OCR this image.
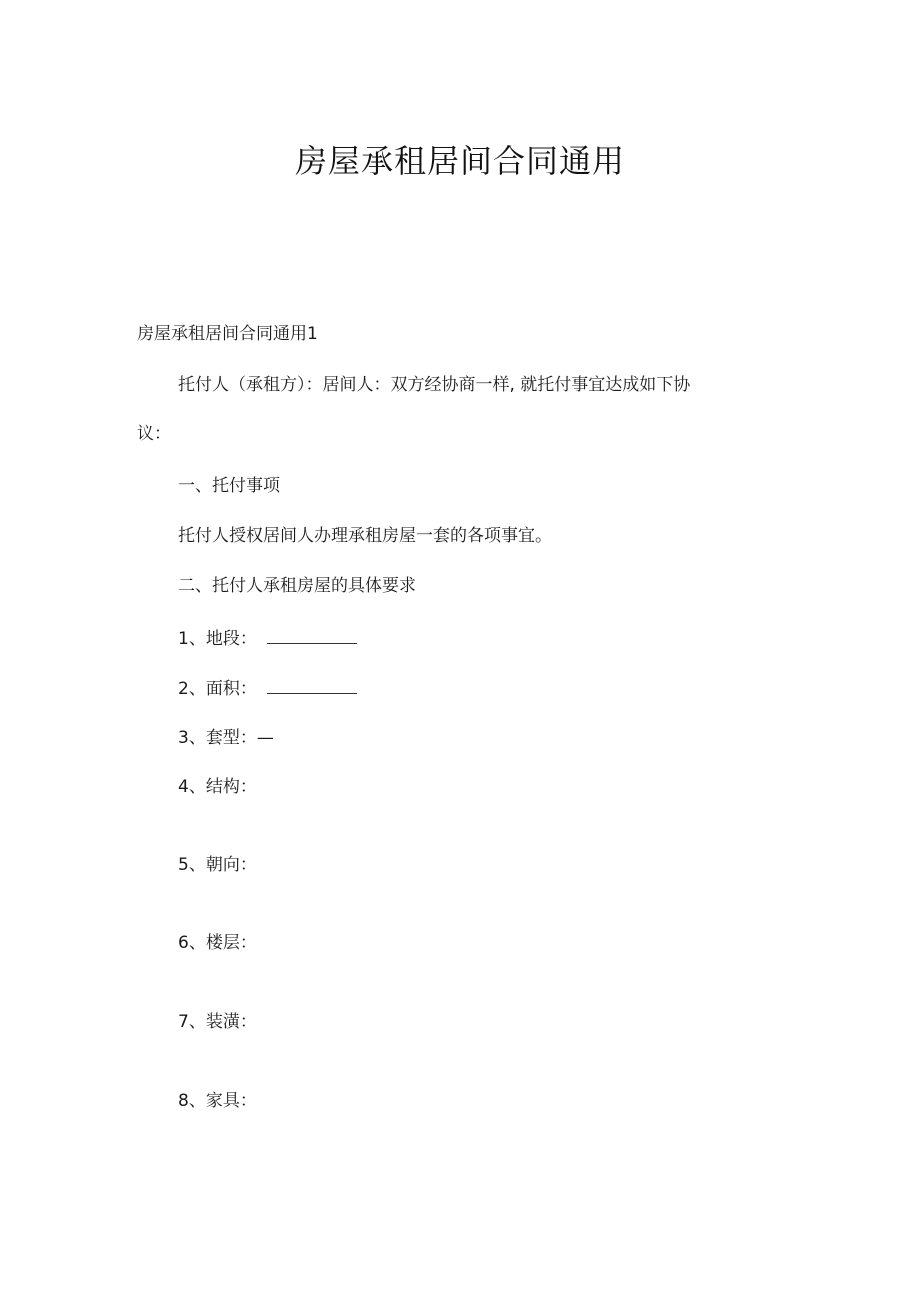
房屋承租居间合同通用
房屋承租居间合同通用1
托付人（承租方）：居间人：双方经协商一样, 就托付事宜达成如下协
议：
一、托付事项
托付人授权居间人办理承租房屋一套的各项事宜。
二、托付人承租房屋的具体要求
1、地段：
2、面积：
3、套型：—
4、结构：
5、朝向：
6、楼层：
7、装潢：
8、家具：
